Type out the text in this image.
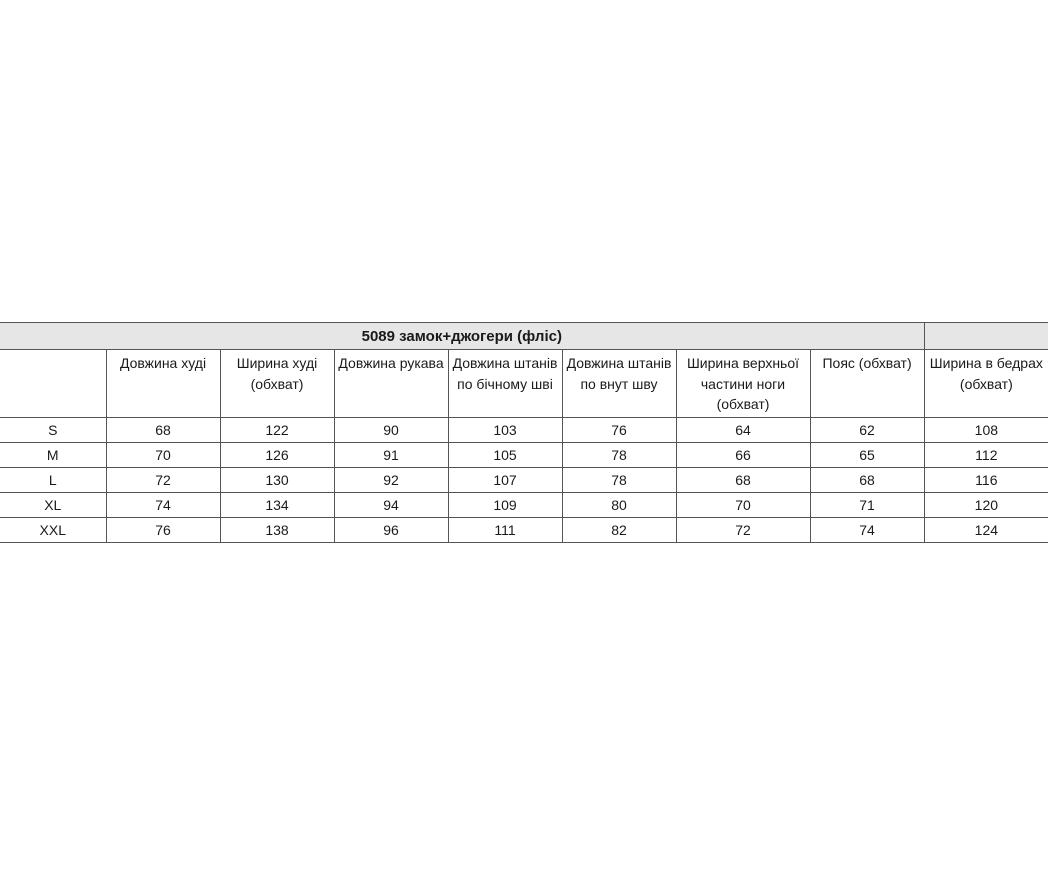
5089 замок+джогери (фліс)								
	Довжина худі	Ширина худі (обхват)	Довжина рукава	Довжина штанів по бічному шві	Довжина штанів по внут шву	Ширина верхньої частини ноги (обхват)	Пояс (обхват)	Ширина в бедрах (обхват)
S	68	122	90	103	76	64	62	108
M	70	126	91	105	78	66	65	112
L	72	130	92	107	78	68	68	116
XL	74	134	94	109	80	70	71	120
XXL	76	138	96	111	82	72	74	124
